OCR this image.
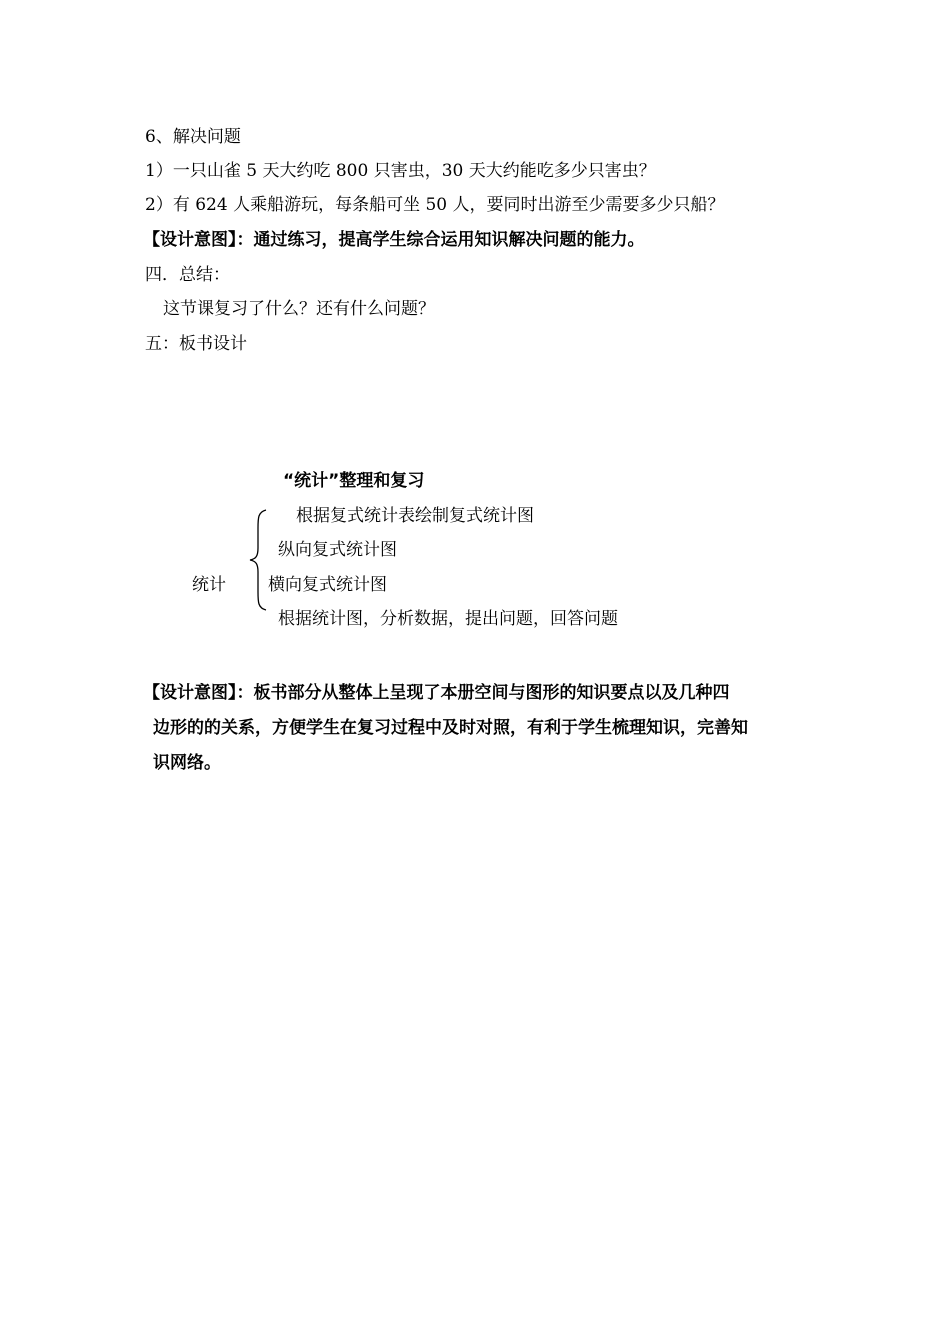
6、解决问题
1）一只山雀 5 天大约吃 800 只害虫，30 天大约能吃多少只害虫？
2）有 624 人乘船游玩，每条船可坐 50 人，要同时出游至少需要多少只船？
【设计意图】：通过练习，提高学生综合运用知识解决问题的能力。
四．总结：
这节课复习了什么？还有什么问题？
五：板书设计
“统计”整理和复习
统计
根据复式统计表绘制复式统计图
纵向复式统计图
横向复式统计图
根据统计图，分析数据，提出问题，回答问题
【设计意图】：板书部分从整体上呈现了本册空间与图形的知识要点以及几种四
边形的的关系，方便学生在复习过程中及时对照，有利于学生梳理知识，完善知
识网络。
